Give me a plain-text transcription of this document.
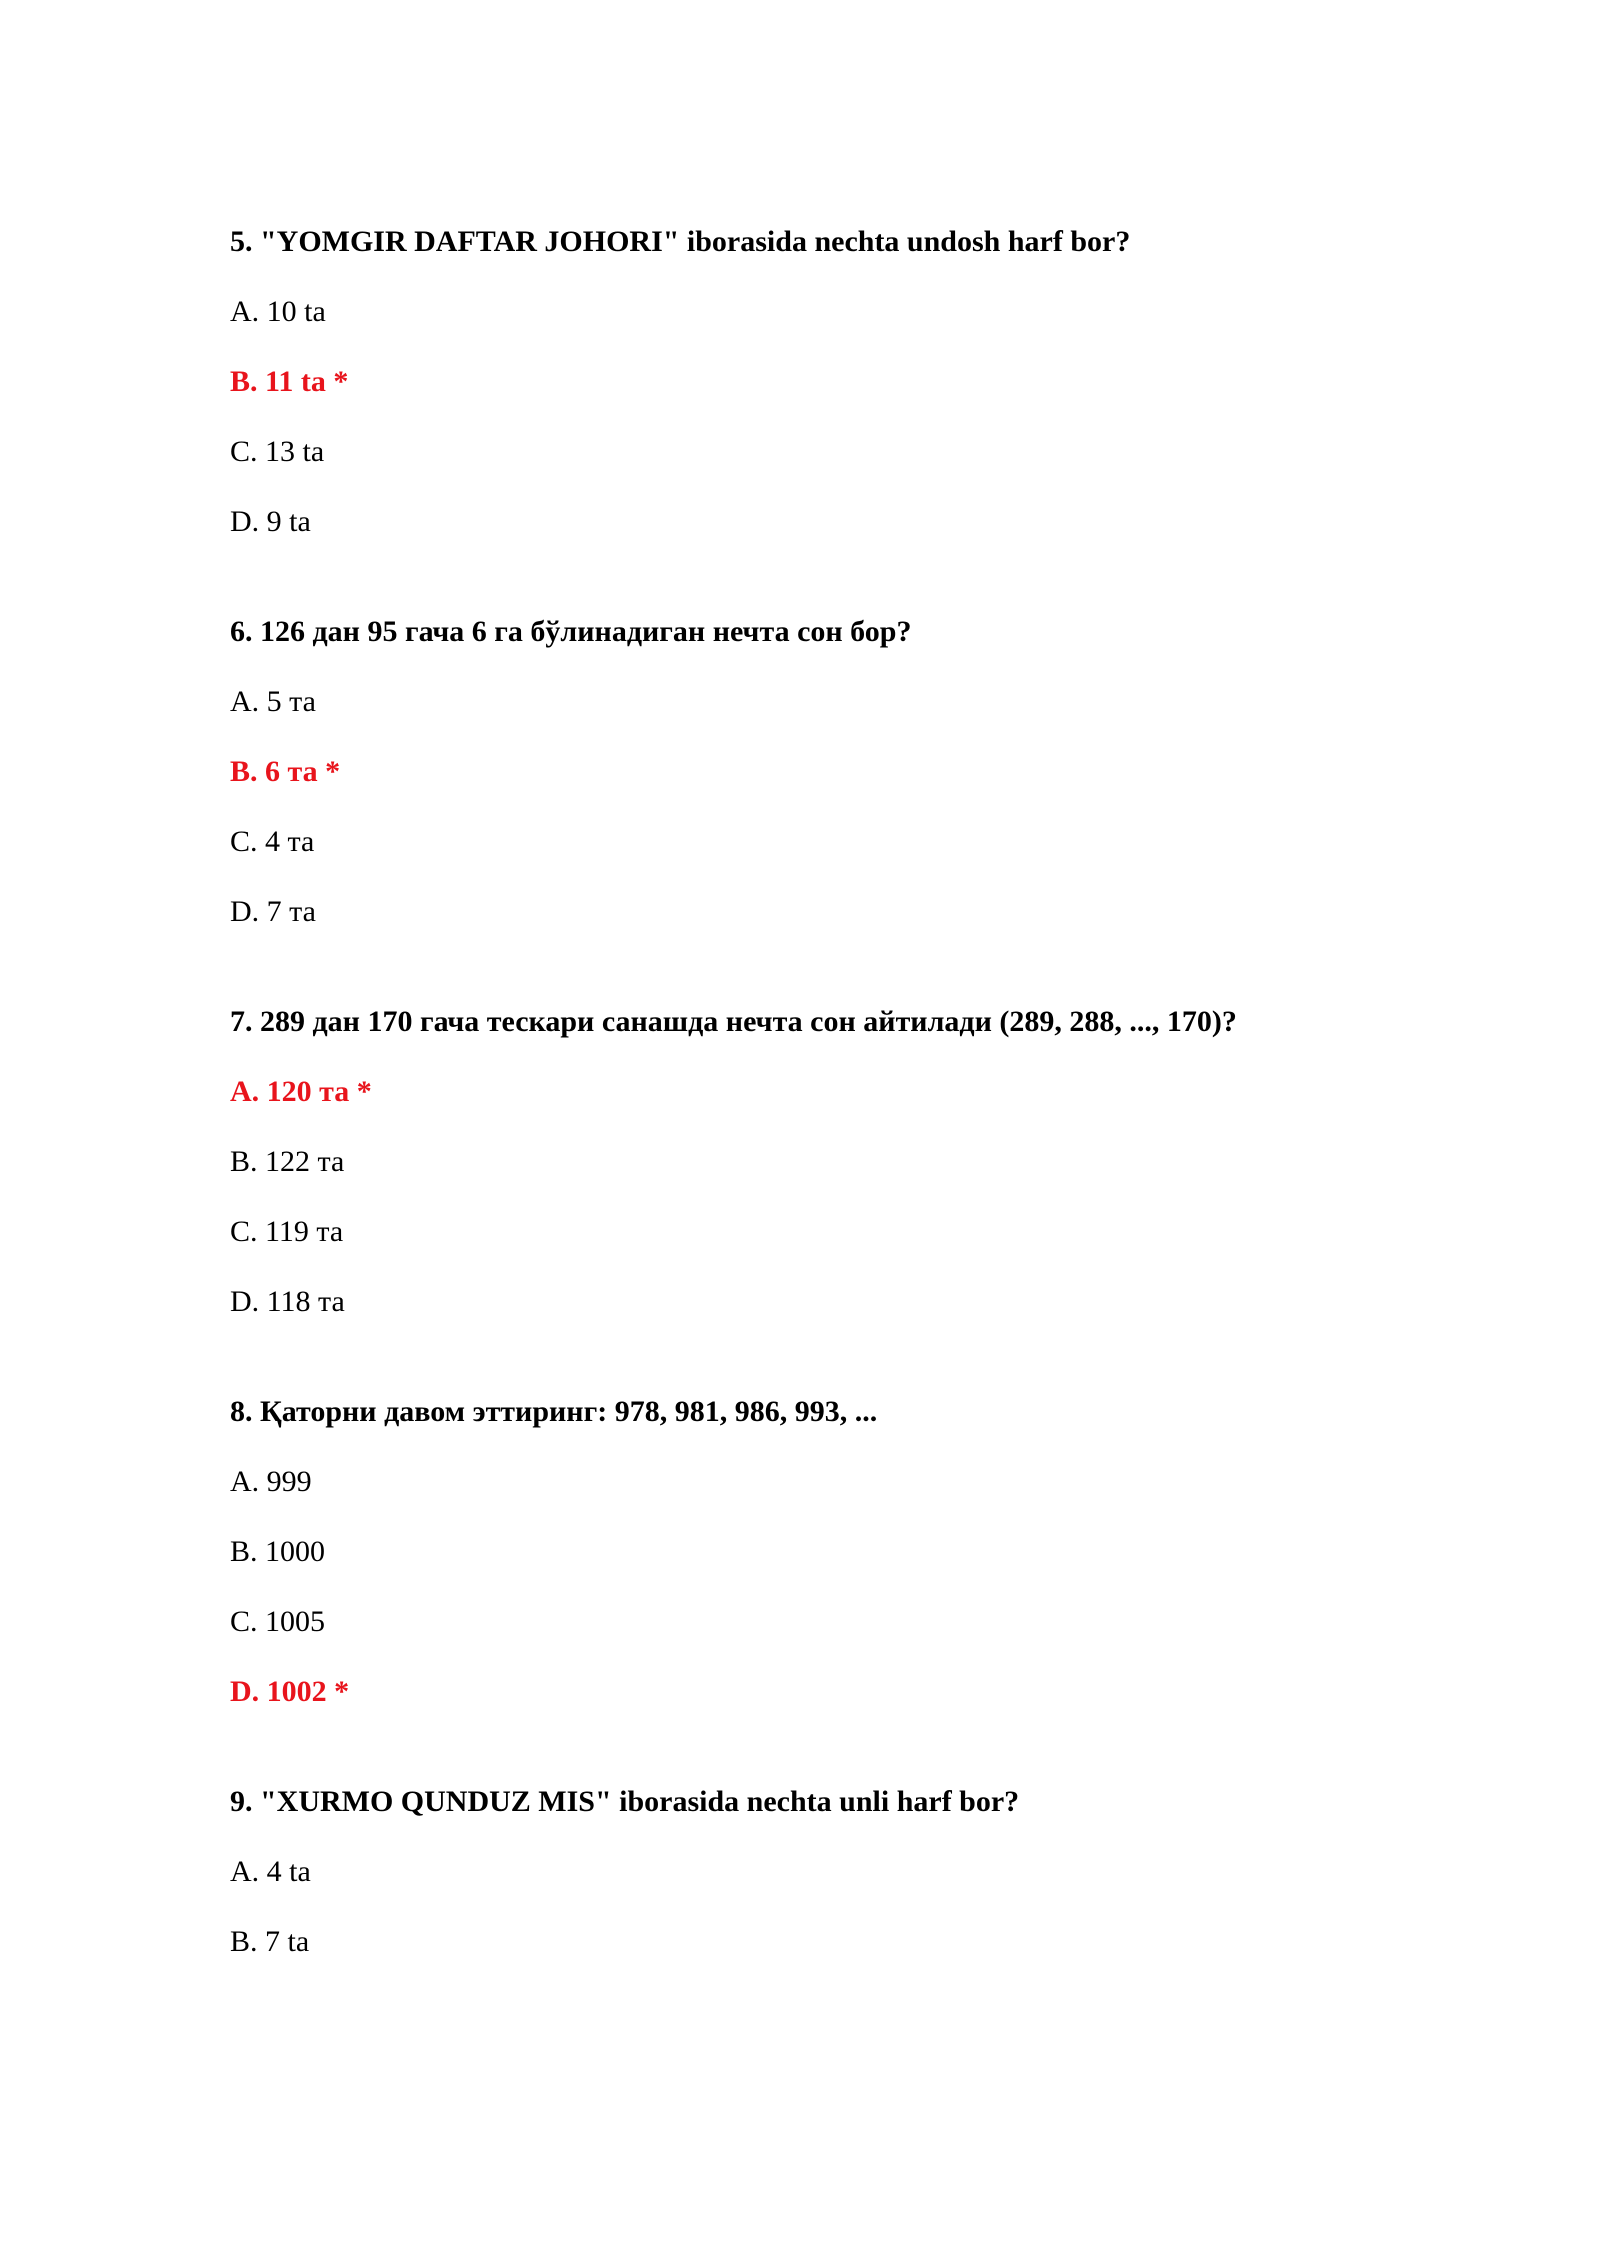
5. "YOMGIR DAFTAR JOHORI" iborasida nechta undosh harf bor?
A. 10 ta
B. 11 ta *
C. 13 ta
D. 9 ta
6. 126 дан 95 гача 6 га бўлинадиган нечта сон бор?
A. 5 та
B. 6 та *
C. 4 та
D. 7 та
7. 289 дан 170 гача тескари санашда нечта сон айтилади (289, 288, ..., 170)?
A. 120 та *
B. 122 та
C. 119 та
D. 118 та
8. Қаторни давом эттиринг: 978, 981, 986, 993, ...
A. 999
B. 1000
C. 1005
D. 1002 *
9. "XURMO QUNDUZ MIS" iborasida nechta unli harf bor?
A. 4 ta
B. 7 ta
